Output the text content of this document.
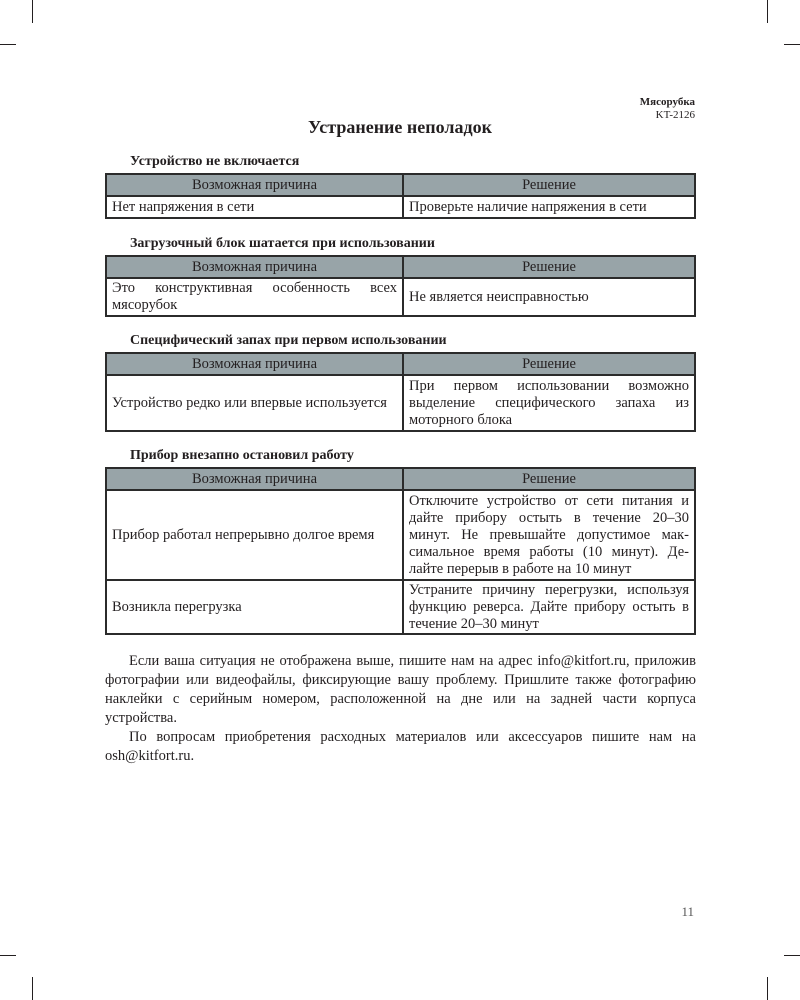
Мясорубка
KT-2126
Устранение неполадок
Устройство не включается
Возможная причина	Решение
Нет напряжения в сети	Проверьте наличие напряжения в сети
Загрузочный блок шатается при использовании
Возможная причина	Решение
Это конструктивная особенность всех мясорубок	Не является неисправностью
Специфический запах при первом использовании
Возможная причина	Решение
Устройство редко или впервые используется	При первом использовании возможно выделение специфического запаха из моторного блока
Прибор внезапно остановил работу
Возможная причина	Решение
Прибор работал непрерывно долгое время	Отключите устройство от сети питания и дайте прибору остыть в течение 20–30 минут. Не превышайте допустимое максимальное время работы (10 минут). Делайте перерыв в работе на 10 минут
Возникла перегрузка	Устраните причину перегрузки, используя функцию реверса. Дайте прибору остыть в течение 20–30 минут

Если ваша ситуация не отображена выше, пишите нам на адрес info@kitfort.ru, приложив фотографии или видеофайлы, фиксирующие вашу проблему. Пришлите также фотографию наклейки с серийным номером, расположенной на дне или на задней части корпуса устройства.

По вопросам приобретения расходных материалов или аксессуаров пишите нам на osh@kitfort.ru.

11
